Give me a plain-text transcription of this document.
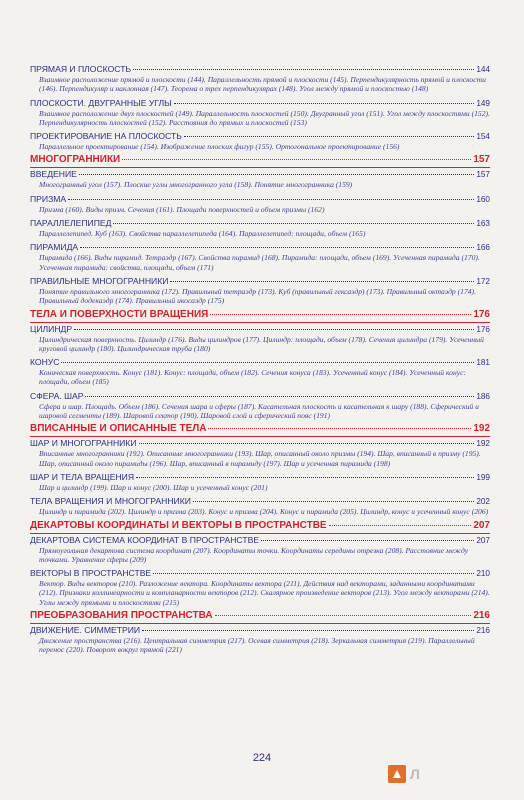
ПРЯМАЯ И ПЛОСКОСТЬ	144
Взаимное расположение прямой и плоскости (144). Параллельность прямой и плоскости (145). Перпендикулярность прямой и плоскости (146). Перпендикуляр и наклонная (147). Теорема о трех перпендикулярах (148). Угол между прямой и плоскостью (148)
ПЛОСКОСТИ. ДВУГРАННЫЕ УГЛЫ	149
Взаимное расположение двух плоскостей (149). Параллельность плоскостей (150). Двугранный угол (151). Угол между плоскостями (152). Перпендикулярность плоскостей (152). Расстояния до прямых и плоскостей (153)
ПРОЕКТИРОВАНИЕ НА ПЛОСКОСТЬ	154
Параллельное проектирование (154). Изображение плоских фигур (155). Ортогональное проектирование (156)
МНОГОГРАННИКИ	157
ВВЕДЕНИЕ	157
Многогранный угол (157). Плоские углы многогранного угла (158). Понятие многогранника (159)
ПРИЗМА	160
Призма (160). Виды призм. Сечения (161). Площади поверхностей и объем призмы (162)
ПАРАЛЛЕЛЕПИПЕД	163
Параллелепипед. Куб (163). Свойства параллелепипеда (164). Параллелепипед: площади, объем (165)
ПИРАМИДА	166
Пирамида (166). Виды пирамид. Тетраэдр (167). Свойства пирамид (168). Пирамида: площади, объем (169). Усеченная пирамида (170). Усеченная пирамида: свойства, площади, объем (171)
ПРАВИЛЬНЫЕ МНОГОГРАННИКИ	172
Понятие правильного многогранника (172). Правильный тетраэдр (173). Куб (правильный гексаэдр) (173). Правильный октаэдр (174). Правильный додекаэдр (174). Правильный икосаэдр (175)
ТЕЛА И ПОВЕРХНОСТИ ВРАЩЕНИЯ	176
ЦИЛИНДР	176
Цилиндрическая поверхность. Цилиндр (176). Виды цилиндров (177). Цилиндр: площади, объем (178). Сечения цилиндра (179). Усеченный круговой цилиндр (180). Цилиндрическая труба (180)
КОНУС	181
Коническая поверхность. Конус (181). Конус: площади, объем (182). Сечения конуса (183). Усеченный конус (184). Усеченный конус: площади, объем (185)
СФЕРА. ШАР	186
Сфера и шар. Площадь. Объем (186). Сечения шара и сферы (187). Касательная плоскость и касательная к шару (188). Сферический и шаровой сегменты (189). Шаровой сектор (190). Шаровой слой и сферический пояс (191)
ВПИСАННЫЕ И ОПИСАННЫЕ ТЕЛА	192
ШАР И МНОГОГРАННИКИ	192
Вписанные многогранники (192). Описанные многогранники (193). Шар, описанный около призмы (194). Шар, вписанный в призму (195). Шар, описанный около пирамиды (196). Шар, вписанный в пирамиду (197). Шар и усеченная пирамида (198)
ШАР И ТЕЛА ВРАЩЕНИЯ	199
Шар и цилиндр (199). Шар и конус (200). Шар и усеченный конус (201)
ТЕЛА ВРАЩЕНИЯ И МНОГОГРАННИКИ	202
Цилиндр и пирамида (202). Цилиндр и призма (203). Конус и призма (204). Конус и пирамида (205). Цилиндр, конус и усеченный конус (206)
ДЕКАРТОВЫ КООРДИНАТЫ И ВЕКТОРЫ В ПРОСТРАНСТВЕ	207
ДЕКАРТОВА СИСТЕМА КООРДИНАТ В ПРОСТРАНСТВЕ	207
Прямоугольная декартова система координат (207). Координаты точки. Координаты середины отрезка (208). Расстояние между точками. Уравнение сферы (209)
ВЕКТОРЫ В ПРОСТРАНСТВЕ	210
Вектор. Виды векторов (210). Разложение вектора. Координаты вектора (211). Действия над векторами, заданными координатами (212). Признаки коллинеарности и компланарности векторов (212). Скалярное произведение векторов (213). Угол между векторами (214). Углы между прямыми и плоскостями (215)
ПРЕОБРАЗОВАНИЯ ПРОСТРАНСТВА	216
ДВИЖЕНИЕ. СИММЕТРИИ	216
Движение пространства (216). Центральная симметрия (217). Осевая симметрия (218). Зеркальная симметрия (219). Параллельный перенос (220). Поворот вокруг прямой (221)
224
Л
